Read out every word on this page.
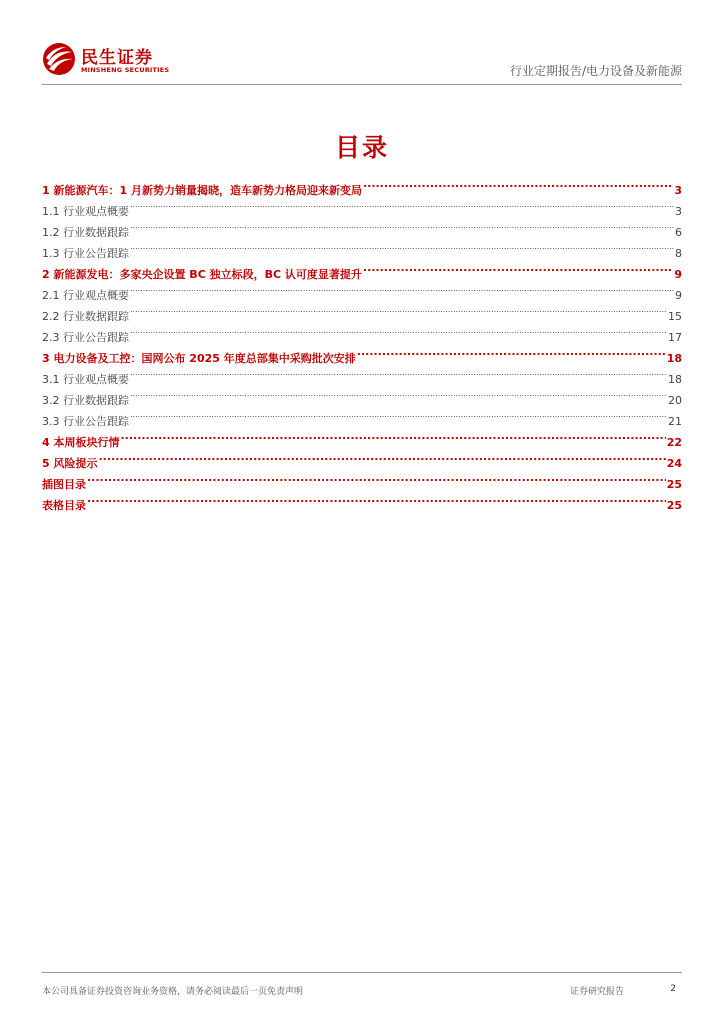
民生证券
MINSHENG SECURITIES	行业定期报告/电力设备及新能源
目录
1 新能源汽车：1 月新势力销量揭晓，造车新势力格局迎来新变局 .....	3
1.1 行业观点概要 .....	3
1.2 行业数据跟踪 .....	6
1.3 行业公告跟踪 .....	8
2 新能源发电：多家央企设置 BC 独立标段，BC 认可度显著提升 .....	9
2.1 行业观点概要 .....	9
2.2 行业数据跟踪 .....	15
2.3 行业公告跟踪 .....	17
3 电力设备及工控：国网公布 2025 年度总部集中采购批次安排 .....	18
3.1 行业观点概要 .....	18
3.2 行业数据跟踪 .....	20
3.3 行业公告跟踪 .....	21
4 本周板块行情 .....	22
5 风险提示 .....	24
插图目录 .....	25
表格目录 .....	25
本公司具备证券投资咨询业务资格，请务必阅读最后一页免责声明	证券研究报告	2
